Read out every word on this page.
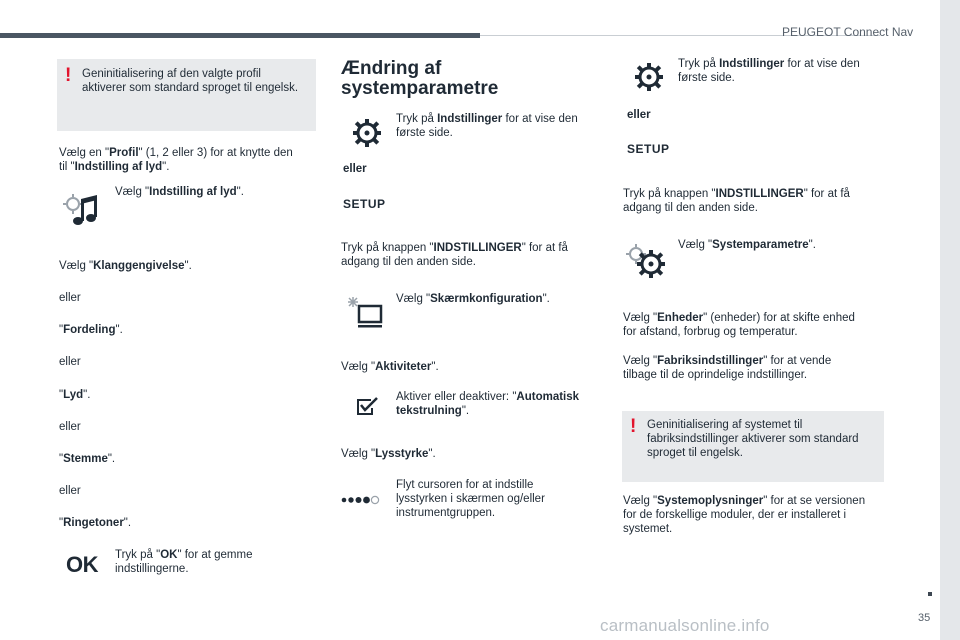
PEUGEOT Connect Nav
35
carmanualsonline.info
! Geninitialisering af den valgte profil
aktiverer som standard sproget til engelsk.
Vælg en "Profil" (1, 2 eller 3) for at knytte den
til "Indstilling af lyd".
Vælg "Indstilling af lyd".
Vælg "Klanggengivelse".
eller
"Fordeling".
eller
"Lyd".
eller
"Stemme".
eller
"Ringetoner".
OK Tryk på "OK" for at gemme
indstillingerne.
Ændring af
systemparametre
Tryk på Indstillinger for at vise den
første side.
eller
SETUP
Tryk på knappen "INDSTILLINGER" for at få
adgang til den anden side.
Vælg "Skærmkonfiguration".
Vælg "Aktiviteter".
Aktiver eller deaktiver: "Automatisk
tekstrulning".
Vælg "Lysstyrke".
Flyt cursoren for at indstille
lysstyrken i skærmen og/eller
instrumentgruppen.
Tryk på Indstillinger for at vise den
første side.
eller
SETUP
Tryk på knappen "INDSTILLINGER" for at få
adgang til den anden side.
Vælg "Systemparametre".
Vælg "Enheder" (enheder) for at skifte enhed
for afstand, forbrug og temperatur.
Vælg "Fabriksindstillinger" for at vende
tilbage til de oprindelige indstillinger.
! Geninitialisering af systemet til
fabriksindstillinger aktiverer som standard
sproget til engelsk.
Vælg "Systemoplysninger" for at se versionen
for de forskellige moduler, der er installeret i
systemet.
